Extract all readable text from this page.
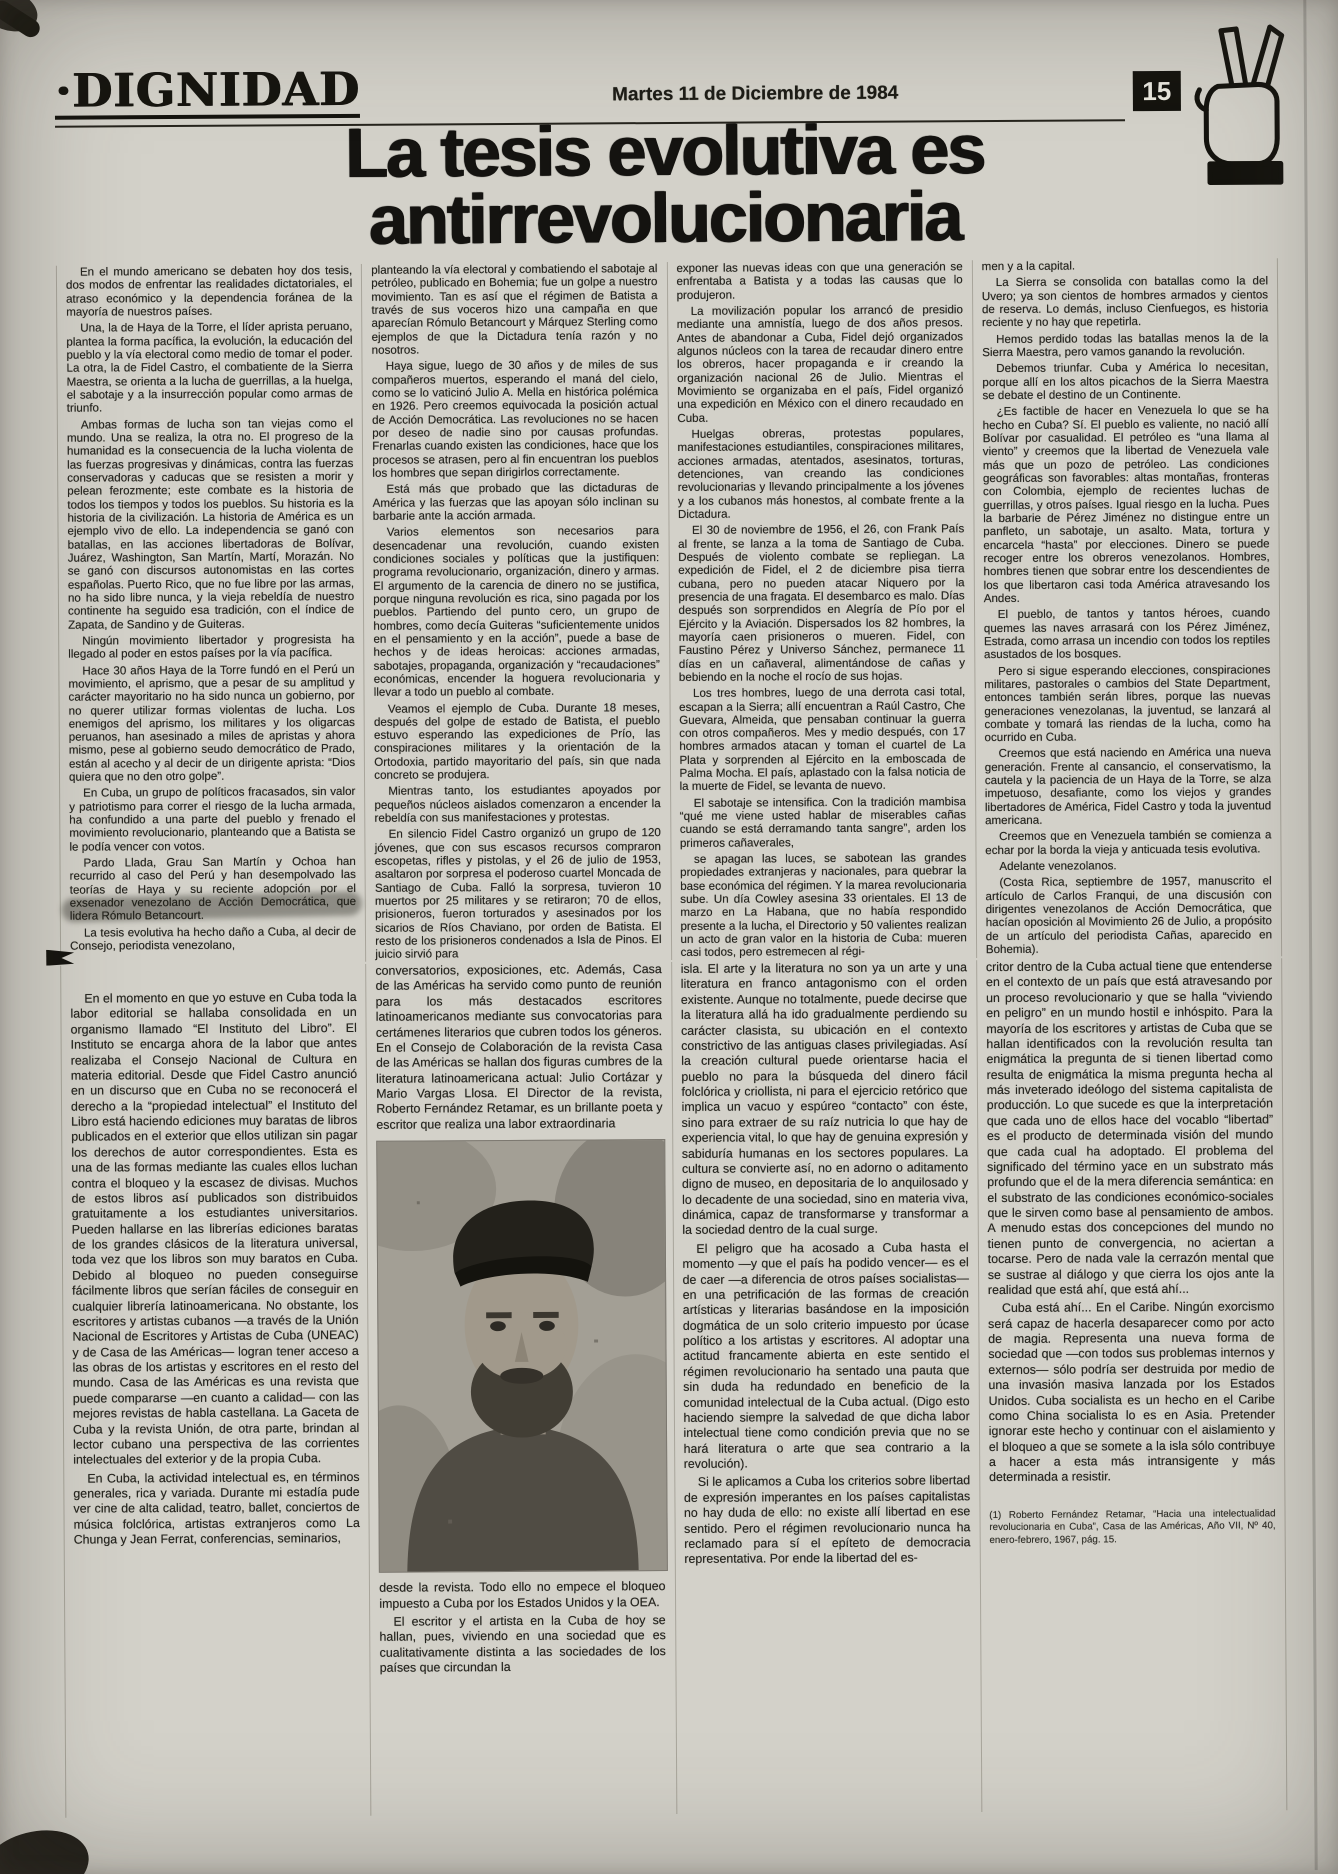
·DIGNIDAD	Martes 11 de Diciembre de 1984	15
La tesis evolutiva es
antirrevolucionaria

En el mundo americano se debaten hoy dos tesis, dos modos de enfrentar las realidades dictatoriales, el atraso económico y la dependencia foránea de la mayoría de nuestros países.

Una, la de Haya de la Torre, el líder aprista peruano, plantea la forma pacífica, la evolución, la educación del pueblo y la vía electoral como medio de tomar el poder. La otra, la de Fidel Castro, el combatiente de la Sierra Maestra, se orienta a la lucha de guerrillas, a la huelga, el sabotaje y a la insurrección popular como armas de triunfo.

Ambas formas de lucha son tan viejas como el mundo. Una se realiza, la otra no. El progreso de la humanidad es la consecuencia de la lucha violenta de las fuerzas progresivas y dinámicas, contra las fuerzas conservadoras y caducas que se resisten a morir y pelean ferozmente; este combate es la historia de todos los tiempos y todos los pueblos. Su historia es la historia de la civilización. La historia de América es un ejemplo vivo de ello. La independencia se ganó con batallas, en las acciones libertadoras de Bolívar, Juárez, Washington, San Martín, Martí, Morazán. No se ganó con discursos autonomistas en las cortes españolas. Puerto Rico, que no fue libre por las armas, no ha sido libre nunca, y la vieja rebeldía de nuestro continente ha seguido esa tradición, con el índice de Zapata, de Sandino y de Guiteras.

Ningún movimiento libertador y progresista ha llegado al poder en estos países por la vía pacífica.

Hace 30 años Haya de la Torre fundó en el Perú un movimiento, el aprismo, que a pesar de su amplitud y carácter mayoritario no ha sido nunca un gobierno, por no querer utilizar formas violentas de lucha. Los enemigos del aprismo, los militares y los oligarcas peruanos, han asesinado a miles de apristas y ahora mismo, pese al gobierno seudo democrático de Prado, están al acecho y al decir de un dirigente aprista: “Dios quiera que no den otro golpe”.

En Cuba, un grupo de políticos fracasados, sin valor y patriotismo para correr el riesgo de la lucha armada, ha confundido a una parte del pueblo y frenado el movimiento revolucionario, planteando que a Batista se le podía vencer con votos.

Pardo Llada, Grau San Martín y Ochoa han recurrido al caso del Perú y han desempolvado las teorías de Haya y su reciente adopción por el exsenador venezolano de Acción Democrática, que lidera Rómulo Betancourt.

La tesis evolutiva ha hecho daño a Cuba, al decir de Consejo, periodista venezolano,

planteando la vía electoral y combatiendo el sabotaje al petróleo, publicado en Bohemia; fue un golpe a nuestro movimiento. Tan es así que el régimen de Batista a través de sus voceros hizo una campaña en que aparecían Rómulo Betancourt y Márquez Sterling como ejemplos de que la Dictadura tenía razón y no nosotros.

Haya sigue, luego de 30 años y de miles de sus compañeros muertos, esperando el maná del cielo, como se lo vaticinó Julio A. Mella en histórica polémica en 1926. Pero creemos equivocada la posición actual de Acción Democrática. Las revoluciones no se hacen por deseo de nadie sino por causas profundas. Frenarlas cuando existen las condiciones, hace que los procesos se atrasen, pero al fin encuentran los pueblos los hombres que sepan dirigirlos correctamente.

Está más que probado que las dictaduras de América y las fuerzas que las apoyan sólo inclinan su barbarie ante la acción armada.

Varios elementos son necesarios para desencadenar una revolución, cuando existen condiciones sociales y políticas que la justifiquen: programa revolucionario, organización, dinero y armas. El argumento de la carencia de dinero no se justifica, porque ninguna revolución es rica, sino pagada por los pueblos. Partiendo del punto cero, un grupo de hombres, como decía Guiteras “suficientemente unidos en el pensamiento y en la acción”, puede a base de hechos y de ideas heroicas: acciones armadas, sabotajes, propaganda, organización y “recaudaciones” económicas, encender la hoguera revolucionaria y llevar a todo un pueblo al combate.

Veamos el ejemplo de Cuba. Durante 18 meses, después del golpe de estado de Batista, el pueblo estuvo esperando las expediciones de Prío, las conspiraciones militares y la orientación de la Ortodoxia, partido mayoritario del país, sin que nada concreto se produjera.

Mientras tanto, los estudiantes apoyados por pequeños núcleos aislados comenzaron a encender la rebeldía con sus manifestaciones y protestas.

En silencio Fidel Castro organizó un grupo de 120 jóvenes, que con sus escasos recursos compraron escopetas, rifles y pistolas, y el 26 de julio de 1953, asaltaron por sorpresa el poderoso cuartel Moncada de Santiago de Cuba. Falló la sorpresa, tuvieron 10 muertos por 25 militares y se retiraron; 70 de ellos, prisioneros, fueron torturados y asesinados por los sicarios de Ríos Chaviano, por orden de Batista. El resto de los prisioneros condenados a Isla de Pinos. El juicio sirvió para

exponer las nuevas ideas con que una generación se enfrentaba a Batista y a todas las causas que lo produjeron.

La movilización popular los arrancó de presidio mediante una amnistía, luego de dos años presos. Antes de abandonar a Cuba, Fidel dejó organizados algunos núcleos con la tarea de recaudar dinero entre los obreros, hacer propaganda e ir creando la organización nacional 26 de Julio. Mientras el Movimiento se organizaba en el país, Fidel organizó una expedición en México con el dinero recaudado en Cuba.

Huelgas obreras, protestas populares, manifestaciones estudiantiles, conspiraciones militares, acciones armadas, atentados, asesinatos, torturas, detenciones, van creando las condiciones revolucionarias y llevando principalmente a los jóvenes y a los cubanos más honestos, al combate frente a la Dictadura.

El 30 de noviembre de 1956, el 26, con Frank País al frente, se lanza a la toma de Santiago de Cuba. Después de violento combate se repliegan. La expedición de Fidel, el 2 de diciembre pisa tierra cubana, pero no pueden atacar Niquero por la presencia de una fragata. El desembarco es malo. Días después son sorprendidos en Alegría de Pío por el Ejército y la Aviación. Dispersados los 82 hombres, la mayoría caen prisioneros o mueren. Fidel, con Faustino Pérez y Universo Sánchez, permanece 11 días en un cañaveral, alimentándose de cañas y bebiendo en la noche el rocío de sus hojas.

Los tres hombres, luego de una derrota casi total, escapan a la Sierra; allí encuentran a Raúl Castro, Che Guevara, Almeida, que pensaban continuar la guerra con otros compañeros. Mes y medio después, con 17 hombres armados atacan y toman el cuartel de La Plata y sorprenden al Ejército en la emboscada de Palma Mocha. El país, aplastado con la falsa noticia de la muerte de Fidel, se levanta de nuevo.

El sabotaje se intensifica. Con la tradición mambisa “qué me viene usted hablar de miserables cañas cuando se está derramando tanta sangre”, arden los primeros cañaverales,

se apagan las luces, se sabotean las grandes propiedades extranjeras y nacionales, para quebrar la base económica del régimen. Y la marea revolucionaria sube. Un día Cowley asesina 33 orientales. El 13 de marzo en La Habana, que no había respondido presente a la lucha, el Directorio y 50 valientes realizan un acto de gran valor en la historia de Cuba: mueren casi todos, pero estremecen al régi-

men y a la capital.

La Sierra se consolida con batallas como la del Uvero; ya son cientos de hombres armados y cientos de reserva. Lo demás, incluso Cienfuegos, es historia reciente y no hay que repetirla.

Hemos perdido todas las batallas menos la de la Sierra Maestra, pero vamos ganando la revolución.

Debemos triunfar. Cuba y América lo necesitan, porque allí en los altos picachos de la Sierra Maestra se debate el destino de un Continente.

¿Es factible de hacer en Venezuela lo que se ha hecho en Cuba? Sí. El pueblo es valiente, no nació allí Bolívar por casualidad. El petróleo es “una llama al viento” y creemos que la libertad de Venezuela vale más que un pozo de petróleo. Las condiciones geográficas son favorables: altas montañas, fronteras con Colombia, ejemplo de recientes luchas de guerrillas, y otros países. Igual riesgo en la lucha. Pues la barbarie de Pérez Jiménez no distingue entre un panfleto, un sabotaje, un asalto. Mata, tortura y encarcela “hasta” por elecciones. Dinero se puede recoger entre los obreros venezolanos. Hombres, hombres tienen que sobrar entre los descendientes de los que libertaron casi toda América atravesando los Andes.

El pueblo, de tantos y tantos héroes, cuando quemes las naves arrasará con los Pérez Jiménez, Estrada, como arrasa un incendio con todos los reptiles asustados de los bosques.

Pero si sigue esperando elecciones, conspiraciones militares, pastorales o cambios del State Department, entonces también serán libres, porque las nuevas generaciones venezolanas, la juventud, se lanzará al combate y tomará las riendas de la lucha, como ha ocurrido en Cuba.

Creemos que está naciendo en América una nueva generación. Frente al cansancio, el conservatismo, la cautela y la paciencia de un Haya de la Torre, se alza impetuoso, desafiante, como los viejos y grandes libertadores de América, Fidel Castro y toda la juventud americana.

Creemos que en Venezuela también se comienza a echar por la borda la vieja y anticuada tesis evolutiva.

Adelante venezolanos.

(Costa Rica, septiembre de 1957, manuscrito el artículo de Carlos Franqui, de una discusión con dirigentes venezolanos de Acción Democrática, que hacían oposición al Movimiento 26 de Julio, a propósito de un artículo del periodista Cañas, aparecido en Bohemia).

En el momento en que yo estuve en Cuba toda la labor editorial se hallaba consolidada en un organismo llamado “El Instituto del Libro”. El Instituto se encarga ahora de la labor que antes realizaba el Consejo Nacional de Cultura en materia editorial. Desde que Fidel Castro anunció en un discurso que en Cuba no se reconocerá el derecho a la “propiedad intelectual” el Instituto del Libro está haciendo ediciones muy baratas de libros publicados en el exterior que ellos utilizan sin pagar los derechos de autor correspondientes. Esta es una de las formas mediante las cuales ellos luchan contra el bloqueo y la escasez de divisas. Muchos de estos libros así publicados son distribuidos gratuitamente a los estudiantes universitarios. Pueden hallarse en las librerías ediciones baratas de los grandes clásicos de la literatura universal, toda vez que los libros son muy baratos en Cuba. Debido al bloqueo no pueden conseguirse fácilmente libros que serían fáciles de conseguir en cualquier librería latinoamericana. No obstante, los escritores y artistas cubanos —a través de la Unión Nacional de Escritores y Artistas de Cuba (UNEAC) y de Casa de las Américas— logran tener acceso a las obras de los artistas y escritores en el resto del mundo. Casa de las Américas es una revista que puede compararse —en cuanto a calidad— con las mejores revistas de habla castellana. La Gaceta de Cuba y la revista Unión, de otra parte, brindan al lector cubano una perspectiva de las corrientes intelectuales del exterior y de la propia Cuba.

En Cuba, la actividad intelectual es, en términos generales, rica y variada. Durante mi estadía pude ver cine de alta calidad, teatro, ballet, conciertos de música folclórica, artistas extranjeros como La Chunga y Jean Ferrat, conferencias, seminarios,

conversatorios, exposiciones, etc. Además, Casa de las Américas ha servido como punto de reunión para los más destacados escritores latinoamericanos mediante sus convocatorias para certámenes literarios que cubren todos los géneros. En el Consejo de Colaboración de la revista Casa de las Américas se hallan dos figuras cumbres de la literatura latinoamericana actual: Julio Cortázar y Mario Vargas Llosa. El Director de la revista, Roberto Fernández Retamar, es un brillante poeta y escritor que realiza una labor extraordinaria

desde la revista. Todo ello no empece el bloqueo impuesto a Cuba por los Estados Unidos y la OEA.

El escritor y el artista en la Cuba de hoy se hallan, pues, viviendo en una sociedad que es cualitativamente distinta a las sociedades de los países que circundan la

isla. El arte y la literatura no son ya un arte y una literatura en franco antagonismo con el orden existente. Aunque no totalmente, puede decirse que la literatura allá ha ido gradualmente perdiendo su carácter clasista, su ubicación en el contexto constrictivo de las antiguas clases privilegiadas. Así la creación cultural puede orientarse hacia el pueblo no para la búsqueda del dinero fácil folclórica y criollista, ni para el ejercicio retórico que implica un vacuo y espúreo “contacto” con éste, sino para extraer de su raíz nutricia lo que hay de experiencia vital, lo que hay de genuina expresión y sabiduría humanas en los sectores populares. La cultura se convierte así, no en adorno o aditamento digno de museo, en depositaria de lo anquilosado y lo decadente de una sociedad, sino en materia viva, dinámica, capaz de transformarse y transformar a la sociedad dentro de la cual surge.

El peligro que ha acosado a Cuba hasta el momento —y que el país ha podido vencer— es el de caer —a diferencia de otros países socialistas— en una petrificación de las formas de creación artísticas y literarias basándose en la imposición dogmática de un solo criterio impuesto por úcase político a los artistas y escritores. Al adoptar una actitud francamente abierta en este sentido el régimen revolucionario ha sentado una pauta que sin duda ha redundado en beneficio de la comunidad intelectual de la Cuba actual. (Digo esto haciendo siempre la salvedad de que dicha labor intelectual tiene como condición previa que no se hará literatura o arte que sea contrario a la revolución).

Si le aplicamos a Cuba los criterios sobre libertad de expresión imperantes en los países capitalistas no hay duda de ello: no existe allí libertad en ese sentido. Pero el régimen revolucionario nunca ha reclamado para sí el epíteto de democracia representativa. Por ende la libertad del es-

critor dentro de la Cuba actual tiene que entenderse en el contexto de un país que está atravesando por un proceso revolucionario y que se halla “viviendo en peligro” en un mundo hostil e inhóspito. Para la mayoría de los escritores y artistas de Cuba que se hallan identificados con la revolución resulta tan enigmática la pregunta de si tienen libertad como resulta de enigmática la misma pregunta hecha al más inveterado ideólogo del sistema capitalista de producción. Lo que sucede es que la interpretación que cada uno de ellos hace del vocablo “libertad” es el producto de determinada visión del mundo que cada cual ha adoptado. El problema del significado del término yace en un substrato más profundo que el de la mera diferencia semántica: en el substrato de las condiciones económico-sociales que le sirven como base al pensamiento de ambos. A menudo estas dos concepciones del mundo no tienen punto de convergencia, no aciertan a tocarse. Pero de nada vale la cerrazón mental que se sustrae al diálogo y que cierra los ojos ante la realidad que está ahí, que está ahí...

Cuba está ahí... En el Caribe. Ningún exorcismo será capaz de hacerla desaparecer como por acto de magia. Representa una nueva forma de sociedad que —con todos sus problemas internos y externos— sólo podría ser destruida por medio de una invasión masiva lanzada por los Estados Unidos. Cuba socialista es un hecho en el Caribe como China socialista lo es en Asia. Pretender ignorar este hecho y continuar con el aislamiento y el bloqueo a que se somete a la isla sólo contribuye a hacer a esta más intransigente y más determinada a resistir.

(1) Roberto Fernández Retamar, “Hacia una intelectualidad revolucionaria en Cuba”, Casa de las Américas, Año VII, Nº 40, enero-febrero, 1967, pág. 15.
